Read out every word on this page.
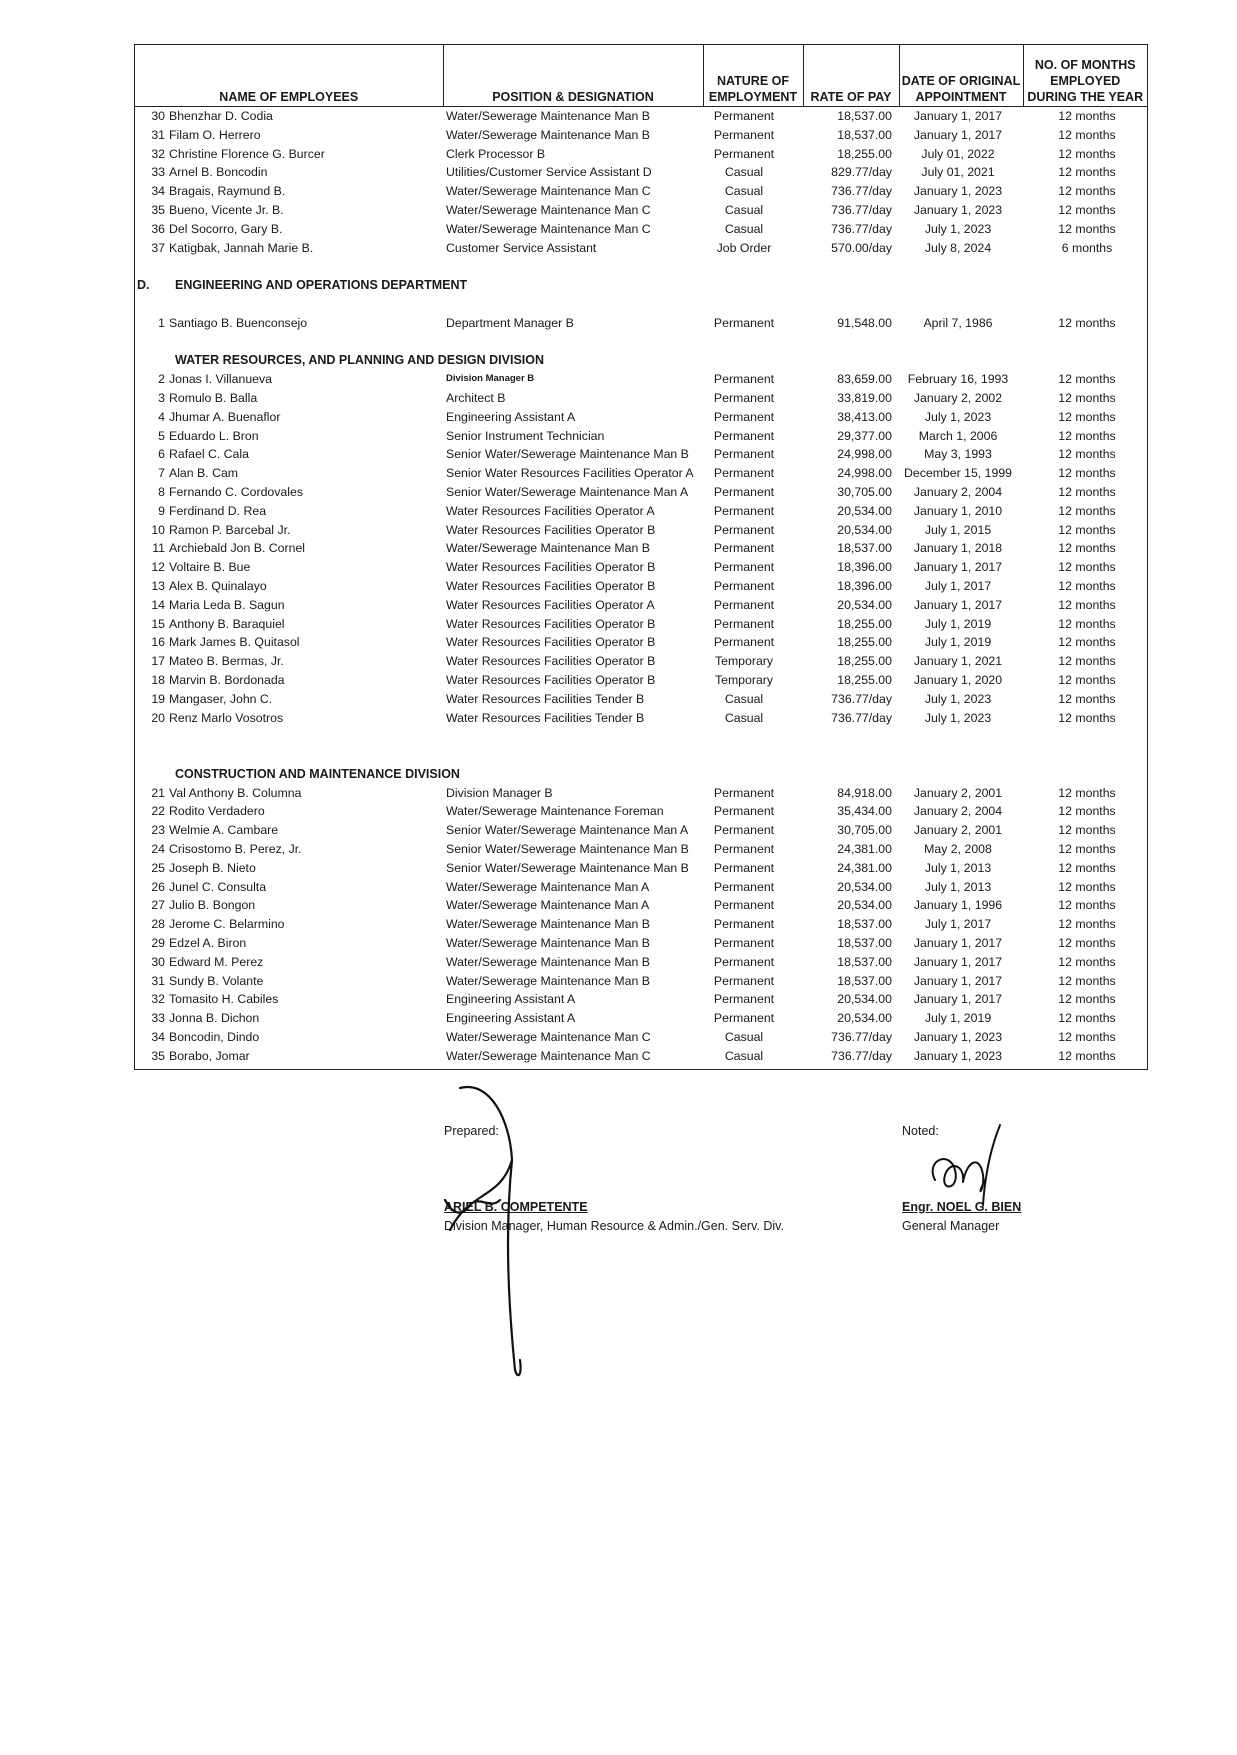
NAME OF EMPLOYEES	POSITION & DESIGNATION	NATURE OF EMPLOYMENT	RATE OF PAY	DATE OF ORIGINAL APPOINTMENT	NO. OF MONTHS EMPLOYED DURING THE YEAR
30 Bhenzhar D. Codia	Water/Sewerage Maintenance Man B	Permanent	18,537.00	January 1, 2017	12 months
31 Filam O. Herrero	Water/Sewerage Maintenance Man B	Permanent	18,537.00	January 1, 2017	12 months
32 Christine Florence G. Burcer	Clerk Processor B	Permanent	18,255.00	July 01, 2022	12 months
33 Arnel B. Boncodin	Utilities/Customer Service Assistant D	Casual	829.77/day	July 01, 2021	12 months
34 Bragais, Raymund B.	Water/Sewerage Maintenance Man C	Casual	736.77/day	January 1, 2023	12 months
35 Bueno, Vicente Jr. B.	Water/Sewerage Maintenance Man C	Casual	736.77/day	January 1, 2023	12 months
36 Del Socorro, Gary B.	Water/Sewerage Maintenance Man C	Casual	736.77/day	July 1, 2023	12 months
37 Katigbak, Jannah Marie B.	Customer Service Assistant	Job Order	570.00/day	July 8, 2024	6 months
D. ENGINEERING AND OPERATIONS DEPARTMENT
1 Santiago B. Buenconsejo	Department Manager B	Permanent	91,548.00	April 7, 1986	12 months
WATER RESOURCES, AND PLANNING AND DESIGN DIVISION
2 Jonas I. Villanueva	Division Manager B	Permanent	83,659.00	February 16, 1993	12 months
3 Romulo B. Balla	Architect B	Permanent	33,819.00	January 2, 2002	12 months
4 Jhumar A. Buenaflor	Engineering Assistant A	Permanent	38,413.00	July 1, 2023	12 months
5 Eduardo L. Bron	Senior Instrument Technician	Permanent	29,377.00	March 1, 2006	12 months
6 Rafael C. Cala	Senior Water/Sewerage Maintenance Man B	Permanent	24,998.00	May 3, 1993	12 months
7 Alan B. Cam	Senior Water Resources Facilities Operator A	Permanent	24,998.00 December 15, 1999	12 months
8 Fernando C. Cordovales	Senior Water/Sewerage Maintenance Man A	Permanent	30,705.00	January 2, 2004	12 months
9 Ferdinand D. Rea	Water Resources Facilities Operator A	Permanent	20,534.00	January 1, 2010	12 months
10 Ramon P. Barcebal Jr.	Water Resources Facilities Operator B	Permanent	20,534.00	July 1, 2015	12 months
11 Archiebald Jon B. Cornel	Water/Sewerage Maintenance Man B	Permanent	18,537.00	January 1, 2018	12 months
12 Voltaire B. Bue	Water Resources Facilities Operator B	Permanent	18,396.00	January 1, 2017	12 months
13 Alex B. Quinalayo	Water Resources Facilities Operator B	Permanent	18,396.00	July 1, 2017	12 months
14 Maria Leda B. Sagun	Water Resources Facilities Operator A	Permanent	20,534.00	January 1, 2017	12 months
15 Anthony B. Baraquiel	Water Resources Facilities Operator B	Permanent	18,255.00	July 1, 2019	12 months
16 Mark James B. Quitasol	Water Resources Facilities Operator B	Permanent	18,255.00	July 1, 2019	12 months
17 Mateo B. Bermas, Jr.	Water Resources Facilities Operator B	Temporary	18,255.00	January 1, 2021	12 months
18 Marvin B. Bordonada	Water Resources Facilities Operator B	Temporary	18,255.00	January 1, 2020	12 months
19 Mangaser, John C.	Water Resources Facilities Tender B	Casual	736.77/day	July 1, 2023	12 months
20 Renz Marlo Vosotros	Water Resources Facilities Tender B	Casual	736.77/day	July 1, 2023	12 months
CONSTRUCTION AND MAINTENANCE DIVISION
21 Val Anthony B. Columna	Division Manager B	Permanent	84,918.00	January 2, 2001	12 months
22 Rodito Verdadero	Water/Sewerage Maintenance Foreman	Permanent	35,434.00	January 2, 2004	12 months
23 Welmie A. Cambare	Senior Water/Sewerage Maintenance Man A	Permanent	30,705.00	January 2, 2001	12 months
24 Crisostomo B. Perez, Jr.	Senior Water/Sewerage Maintenance Man B	Permanent	24,381.00	May 2, 2008	12 months
25 Joseph B. Nieto	Senior Water/Sewerage Maintenance Man B	Permanent	24,381.00	July 1, 2013	12 months
26 Junel C. Consulta	Water/Sewerage Maintenance Man A	Permanent	20,534.00	July 1, 2013	12 months
27 Julio B. Bongon	Water/Sewerage Maintenance Man A	Permanent	20,534.00	January 1, 1996	12 months
28 Jerome C. Belarmino	Water/Sewerage Maintenance Man B	Permanent	18,537.00	July 1, 2017	12 months
29 Edzel A. Biron	Water/Sewerage Maintenance Man B	Permanent	18,537.00	January 1, 2017	12 months
30 Edward M. Perez	Water/Sewerage Maintenance Man B	Permanent	18,537.00	January 1, 2017	12 months
31 Sundy B. Volante	Water/Sewerage Maintenance Man B	Permanent	18,537.00	January 1, 2017	12 months
32 Tomasito H. Cabiles	Engineering Assistant A	Permanent	20,534.00	January 1, 2017	12 months
33 Jonna B. Dichon	Engineering Assistant A	Permanent	20,534.00	July 1, 2019	12 months
34 Boncodin, Dindo	Water/Sewerage Maintenance Man C	Casual	736.77/day	January 1, 2023	12 months
35 Borabo, Jomar	Water/Sewerage Maintenance Man C	Casual	736.77/day	January 1, 2023	12 months
Prepared:
ARIEL B. COMPETENTE
Division Manager, Human Resource & Admin./Gen. Serv. Div.
Noted:
Engr. NOEL G. BIEN
General Manager
